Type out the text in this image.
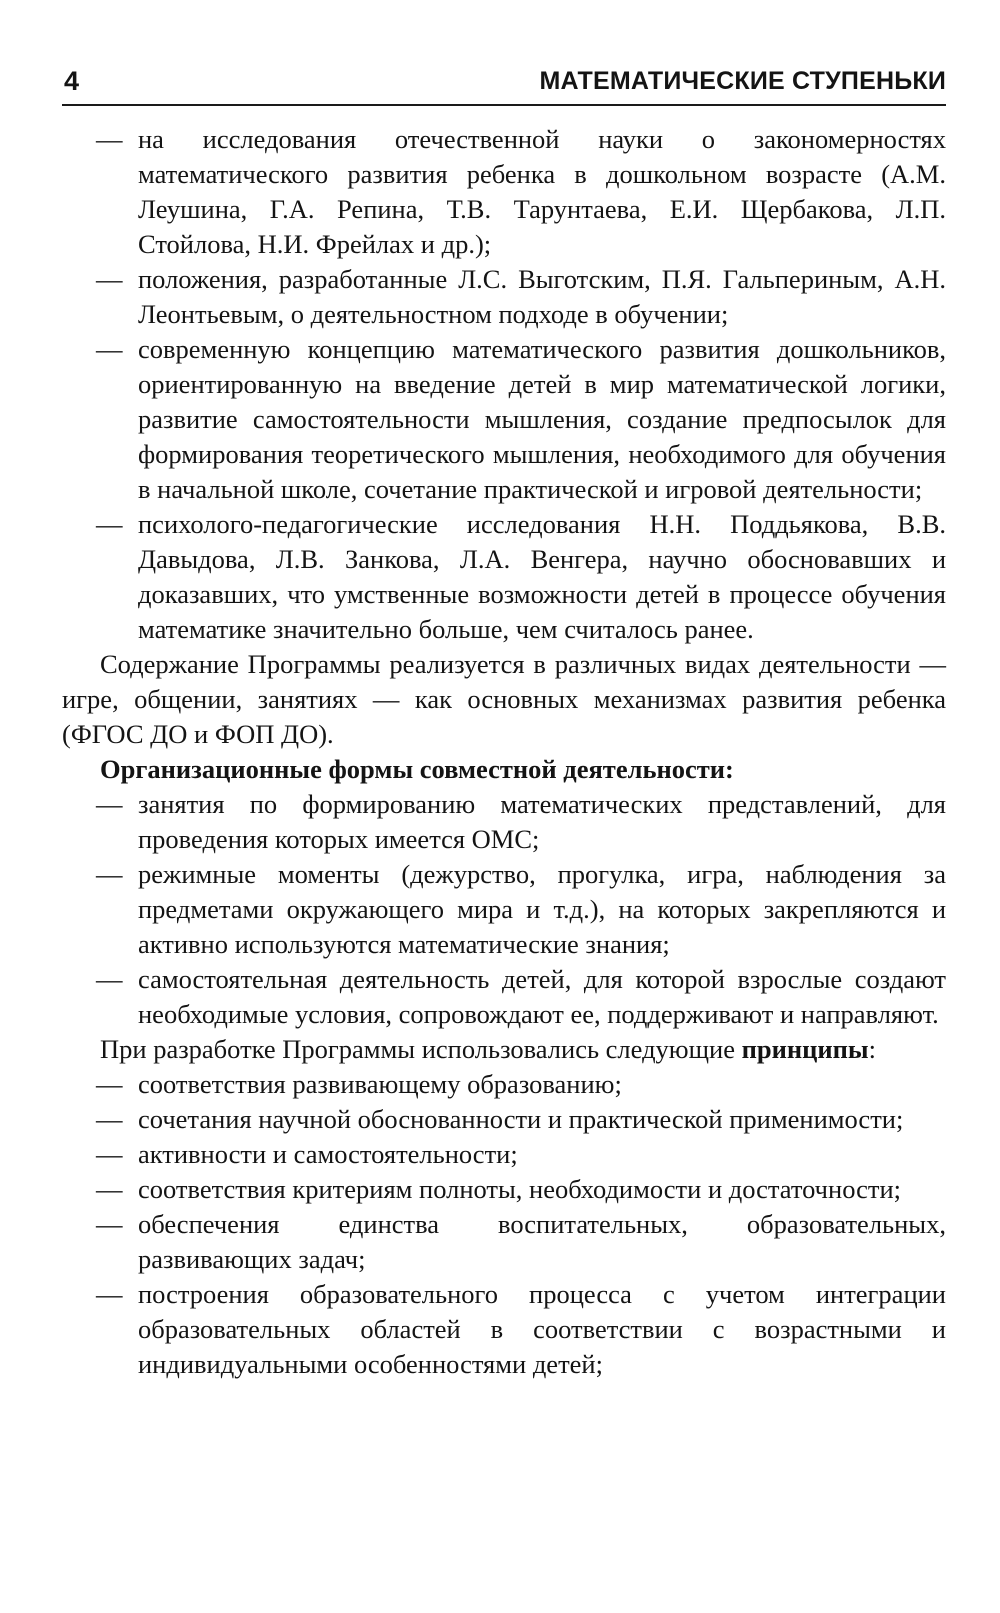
4	МАТЕМАТИЧЕСКИЕ СТУПЕНЬКИ
— на исследования отечественной науки о закономерностях математического развития ребенка в дошкольном возрасте (А.М. Леушина, Г.А. Репина, Т.В. Тарунтаева, Е.И. Щербакова, Л.П. Стойлова, Н.И. Фрейлах и др.);
— положения, разработанные Л.С. Выготским, П.Я. Гальпериным, А.Н. Леонтьевым, о деятельностном подходе в обучении;
— современную концепцию математического развития дошкольников, ориентированную на введение детей в мир математической логики, развитие самостоятельности мышления, создание предпосылок для формирования теоретического мышления, необходимого для обучения в начальной школе, сочетание практической и игровой деятельности;
— психолого-педагогические исследования Н.Н. Поддьякова, В.В. Давыдова, Л.В. Занкова, Л.А. Венгера, научно обосновавших и доказавших, что умственные возможности детей в процессе обучения математике значительно больше, чем считалось ранее.

Содержание Программы реализуется в различных видах деятельности — игре, общении, занятиях — как основных механизмах развития ребенка (ФГОС ДО и ФОП ДО).

Организационные формы совместной деятельности:
— занятия по формированию математических представлений, для проведения которых имеется ОМС;
— режимные моменты (дежурство, прогулка, игра, наблюдения за предметами окружающего мира и т.д.), на которых закрепляются и активно используются математические знания;
— самостоятельная деятельность детей, для которой взрослые создают необходимые условия, сопровождают ее, поддерживают и направляют.

При разработке Программы использовались следующие принципы:

— соответствия развивающему образованию;
— сочетания научной обоснованности и практической применимости;
— активности и самостоятельности;
— соответствия критериям полноты, необходимости и достаточности;
— обеспечения единства воспитательных, образовательных, развивающих задач;
— построения образовательного процесса с учетом интеграции образовательных областей в соответствии с возрастными и индивидуальными особенностями детей;
